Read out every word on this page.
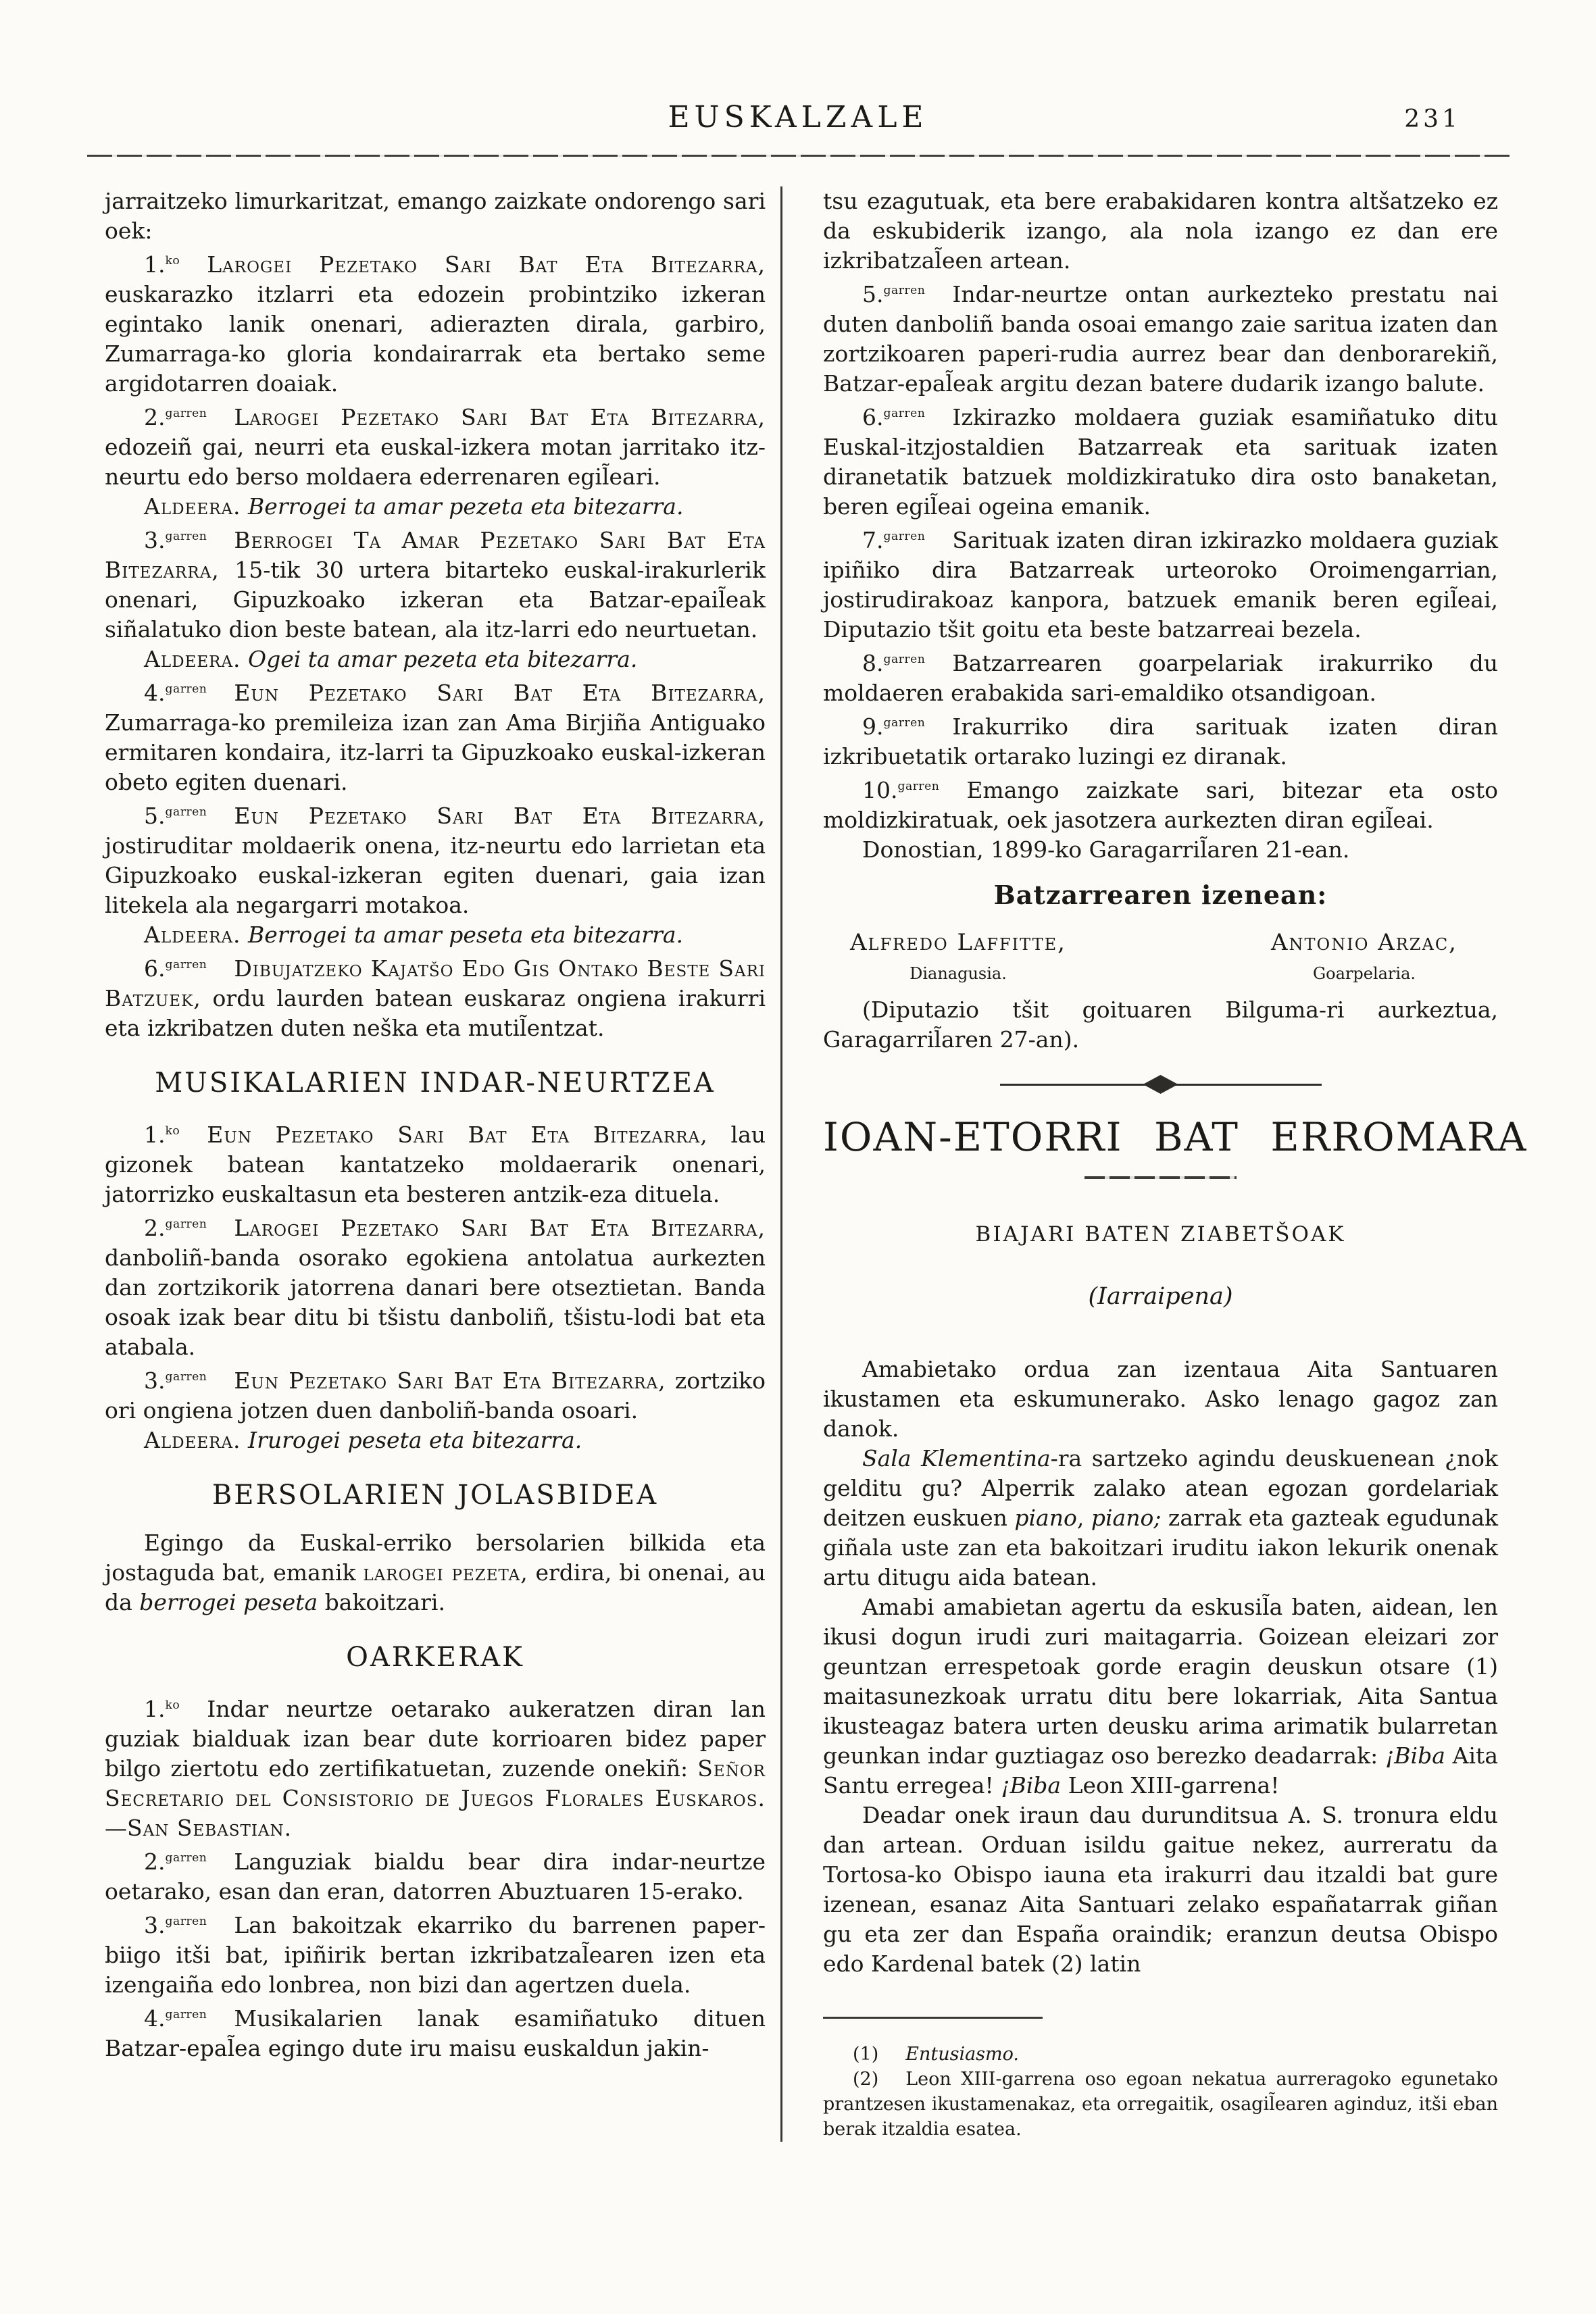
EUSKALZALE	231

jarraitzeko limurkaritzat, emango zaizkate ondorengo sari oek:

1.$^{ko}$ Larogei Pezetako Sari Bat Eta Bitezarra, euskarazko itzlarri eta edozein probintziko izkeran egintako lanik onenari, adierazten dirala, garbiro, Zumarraga-ko gloria kondairarrak eta bertako seme argidotarren doaiak.

2.$^{garren}$ Larogei Pezetako Sari Bat Eta Bitezarra, edozeiñ gai, neurri eta euskal-izkera motan jarritako itz-neurtu edo berso moldaera ederrenaren egil̃eari.

Aldeera. Berrogei ta amar pezeta eta bitezarra.

3.$^{garren}$ Berrogei Ta Amar Pezetako Sari Bat Eta Bitezarra, 15-tik 30 urtera bitarteko euskal-irakurlerik onenari, Gipuzkoako izkeran eta Batzar-epail̃eak siñalatuko dion beste batean, ala itz-larri edo neurtuetan.

Aldeera. Ogei ta amar pezeta eta bitezarra.

4.$^{garren}$ Eun Pezetako Sari Bat Eta Bitezarra, Zumarraga-ko premileiza izan zan Ama Birjiña Antiguako ermitaren kondaira, itz-larri ta Gipuzkoako euskal-izkeran obeto egiten duenari.

5.$^{garren}$ Eun Pezetako Sari Bat Eta Bitezarra, jostiruditar moldaerik onena, itz-neurtu edo larrietan eta Gipuzkoako euskal-izkeran egiten duenari, gaia izan litekela ala negargarri motakoa.

Aldeera. Berrogei ta amar peseta eta bitezarra.

6.$^{garren}$ Dibujatzeko Kajatšo Edo Gis Ontako Beste Sari Batzuek, ordu laurden batean euskaraz ongiena irakurri eta izkribatzen duten neška eta mutil̃entzat.

MUSIKALARIEN INDAR-NEURTZEA

1.$^{ko}$ Eun Pezetako Sari Bat Eta Bitezarra, lau gizonek batean kantatzeko moldaerarik onenari, jatorrizko euskaltasun eta besteren antzik-eza dituela.

2.$^{garren}$ Larogei Pezetako Sari Bat Eta Bitezarra, danboliñ-banda osorako egokiena antolatua aurkezten dan zortzikorik jatorrena danari bere otseztietan. Banda osoak izak bear ditu bi tšistu danboliñ, tšistu-lodi bat eta atabala.

3.$^{garren}$ Eun Pezetako Sari Bat Eta Bitezarra, zortziko ori ongiena jotzen duen danboliñ-banda osoari.

Aldeera. Irurogei peseta eta bitezarra.

BERSOLARIEN JOLASBIDEA

Egingo da Euskal-erriko bersolarien bilkida eta jostaguda bat, emanik larogei pezeta, erdira, bi onenai, au da berrogei peseta bakoitzari.

OARKERAK

1.$^{ko}$ Indar neurtze oetarako aukeratzen diran lan guziak bialduak izan bear dute korrioaren bidez paper bilgo ziertotu edo zertifikatuetan, zuzende onekiñ: Señor Secretario del Consistorio de Juegos Florales Euskaros. —San Sebastian.

2.$^{garren}$ Languziak bialdu bear dira indar-neurtze oetarako, esan dan eran, datorren Abuztuaren 15-erako.

3.$^{garren}$ Lan bakoitzak ekarriko du barrenen paper-biigo itši bat, ipiñirik bertan izkribatzal̃earen izen eta izengaiña edo lonbrea, non bizi dan agertzen duela.

4.$^{garren}$ Musikalarien lanak esamiñatuko dituen Batzar-epal̃ea egingo dute iru maisu euskaldun jakin-

tsu ezagutuak, eta bere erabakidaren kontra altšatzeko ez da eskubiderik izango, ala nola izango ez dan ere izkribatzal̃een artean.

5.$^{garren}$ Indar-neurtze ontan aurkezteko prestatu nai duten danboliñ banda osoai emango zaie saritua izaten dan zortzikoaren paperi-rudia aurrez bear dan denborarekiñ, Batzar-epal̃eak argitu dezan batere dudarik izango balute.

6.$^{garren}$ Izkirazko moldaera guziak esamiñatuko ditu Euskal-itzjostaldien Batzarreak eta sarituak izaten diranetatik batzuek moldizkiratuko dira osto banaketan, beren egil̃eai ogeina emanik.

7.$^{garren}$ Sarituak izaten diran izkirazko moldaera guziak ipiñiko dira Batzarreak urteoroko Oroimengarrian, jostirudirakoaz kanpora, batzuek emanik beren egil̃eai, Diputazio tšit goitu eta beste batzarreai bezela.

8.$^{garren}$ Batzarrearen goarpelariak irakurriko du moldaeren erabakida sari-emaldiko otsandigoan.

9.$^{garren}$ Irakurriko dira sarituak izaten diran izkribuetatik ortarako luzingi ez diranak.

10.$^{garren}$ Emango zaizkate sari, bitezar eta osto moldizkiratuak, oek jasotzera aurkezten diran egil̃eai.

Donostian, 1899-ko Garagarril̃aren 21-ean.

Batzarrearen izenean:
Alfredo Laffitte,
Dianagusia.
Antonio Arzac,
Goarpelaria.

(Diputazio tšit goituaren Bilguma-ri aurkeztua, Garagarril̃aren 27-an).

IOAN-ETORRI BAT ERROMARA
BIAJARI BATEN ZIABETŠOAK
(Iarraipena)

Amabietako ordua zan izentaua Aita Santuaren ikustamen eta eskumunerako. Asko lenago gagoz zan danok.

Sala Klementina-ra sartzeko agindu deuskuenean ¿nok gelditu gu? Alperrik zalako atean egozan gordelariak deitzen euskuen piano, piano; zarrak eta gazteak egudunak giñala uste zan eta bakoitzari iruditu iakon lekurik onenak artu ditugu aida batean.

Amabi amabietan agertu da eskusil̃a baten, aidean, len ikusi dogun irudi zuri maitagarria. Goizean eleizari zor geuntzan errespetoak gorde eragin deuskun otsare (1) maitasunezkoak urratu ditu bere lokarriak, Aita Santua ikusteagaz batera urten deusku arima arimatik bularretan geunkan indar guztiagaz oso berezko deadarrak: ¡Biba Aita Santu erregea! ¡Biba Leon XIII-garrena!

Deadar onek iraun dau durunditsua A. S. tronura eldu dan artean. Orduan isildu gaitue nekez, aurreratu da Tortosa-ko Obispo iauna eta irakurri dau itzaldi bat gure izenean, esanaz Aita Santuari zelako españatarrak giñan gu eta zer dan España oraindik; eranzun deutsa Obispo edo Kardenal batek (2) latin

(1) Entusiasmo.

(2) Leon XIII-garrena oso egoan nekatua aurreragoko egunetako prantzesen ikustamenakaz, eta orregaitik, osagil̃earen aginduz, itši eban berak itzaldia esatea.
